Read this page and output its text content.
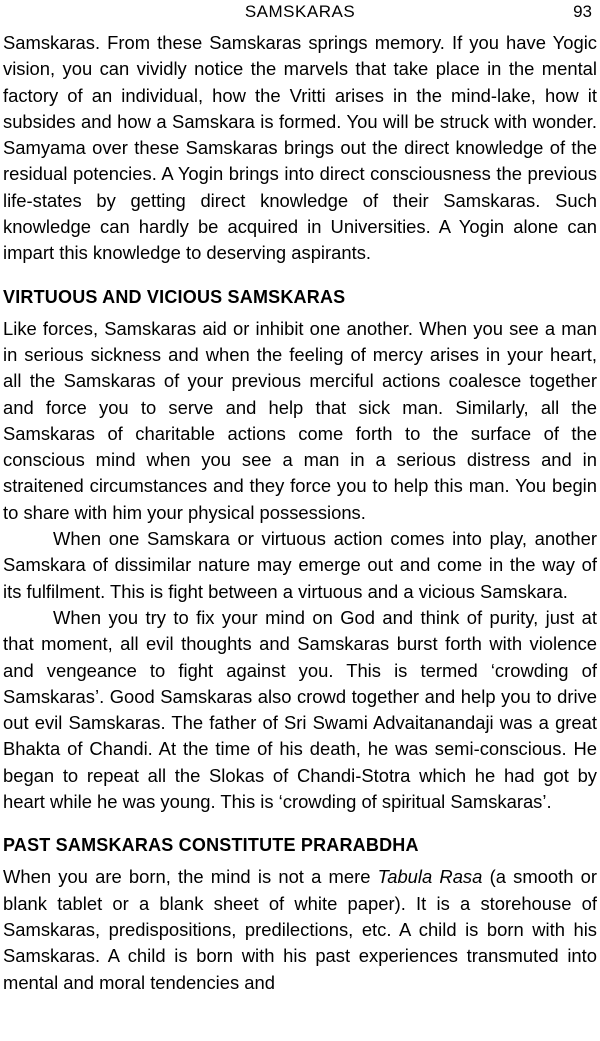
SAMSKARAS	93

Samskaras. From these Samskaras springs memory. If you have Yogic vision, you can vividly notice the marvels that take place in the mental factory of an individual, how the Vritti arises in the mind-lake, how it subsides and how a Samskara is formed. You will be struck with wonder. Samyama over these Samskaras brings out the direct knowledge of the residual potencies. A Yogin brings into direct consciousness the previous life-states by getting direct knowledge of their Samskaras. Such knowledge can hardly be acquired in Universities. A Yogin alone can impart this knowledge to deserving aspirants.

VIRTUOUS AND VICIOUS SAMSKARAS

Like forces, Samskaras aid or inhibit one another. When you see a man in serious sickness and when the feeling of mercy arises in your heart, all the Samskaras of your previous merciful actions coalesce together and force you to serve and help that sick man. Similarly, all the Samskaras of charitable actions come forth to the surface of the conscious mind when you see a man in a serious distress and in straitened circumstances and they force you to help this man. You begin to share with him your physical possessions.

When one Samskara or virtuous action comes into play, another Samskara of dissimilar nature may emerge out and come in the way of its fulfilment. This is fight between a virtuous and a vicious Samskara.

When you try to fix your mind on God and think of purity, just at that moment, all evil thoughts and Samskaras burst forth with violence and vengeance to fight against you. This is termed ‘crowding of Samskaras’. Good Samskaras also crowd together and help you to drive out evil Samskaras. The father of Sri Swami Advaitanandaji was a great Bhakta of Chandi. At the time of his death, he was semi-conscious. He began to repeat all the Slokas of Chandi-Stotra which he had got by heart while he was young. This is ‘crowding of spiritual Samskaras’.

PAST SAMSKARAS CONSTITUTE PRARABDHA

When you are born, the mind is not a mere Tabula Rasa (a smooth or blank tablet or a blank sheet of white paper). It is a storehouse of Samskaras, predispositions, predilections, etc. A child is born with his Samskaras. A child is born with his past experiences transmuted into mental and moral tendencies and
